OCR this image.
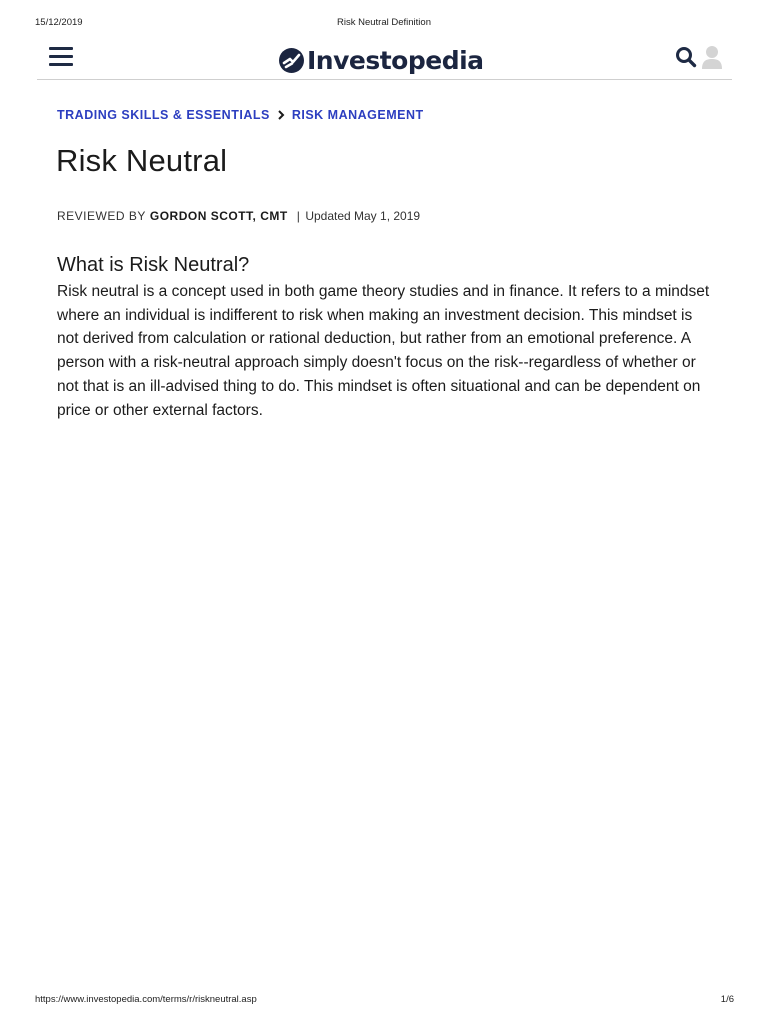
15/12/2019	Risk Neutral Definition
Investopedia
TRADING SKILLS & ESSENTIALS RISK MANAGEMENT
Risk Neutral
REVIEWED BY GORDON SCOTT, CMT | Updated May 1, 2019
What is Risk Neutral?

Risk neutral is a concept used in both game theory studies and in finance. It refers to a mindset where an individual is indifferent to risk when making an investment decision. This mindset is not derived from calculation or rational deduction, but rather from an emotional preference. A person with a risk-neutral approach simply doesn't focus on the risk--regardless of whether or not that is an ill-advised thing to do. This mindset is often situational and can be dependent on price or other external factors.

https://www.investopedia.com/terms/r/riskneutral.asp	1/6
